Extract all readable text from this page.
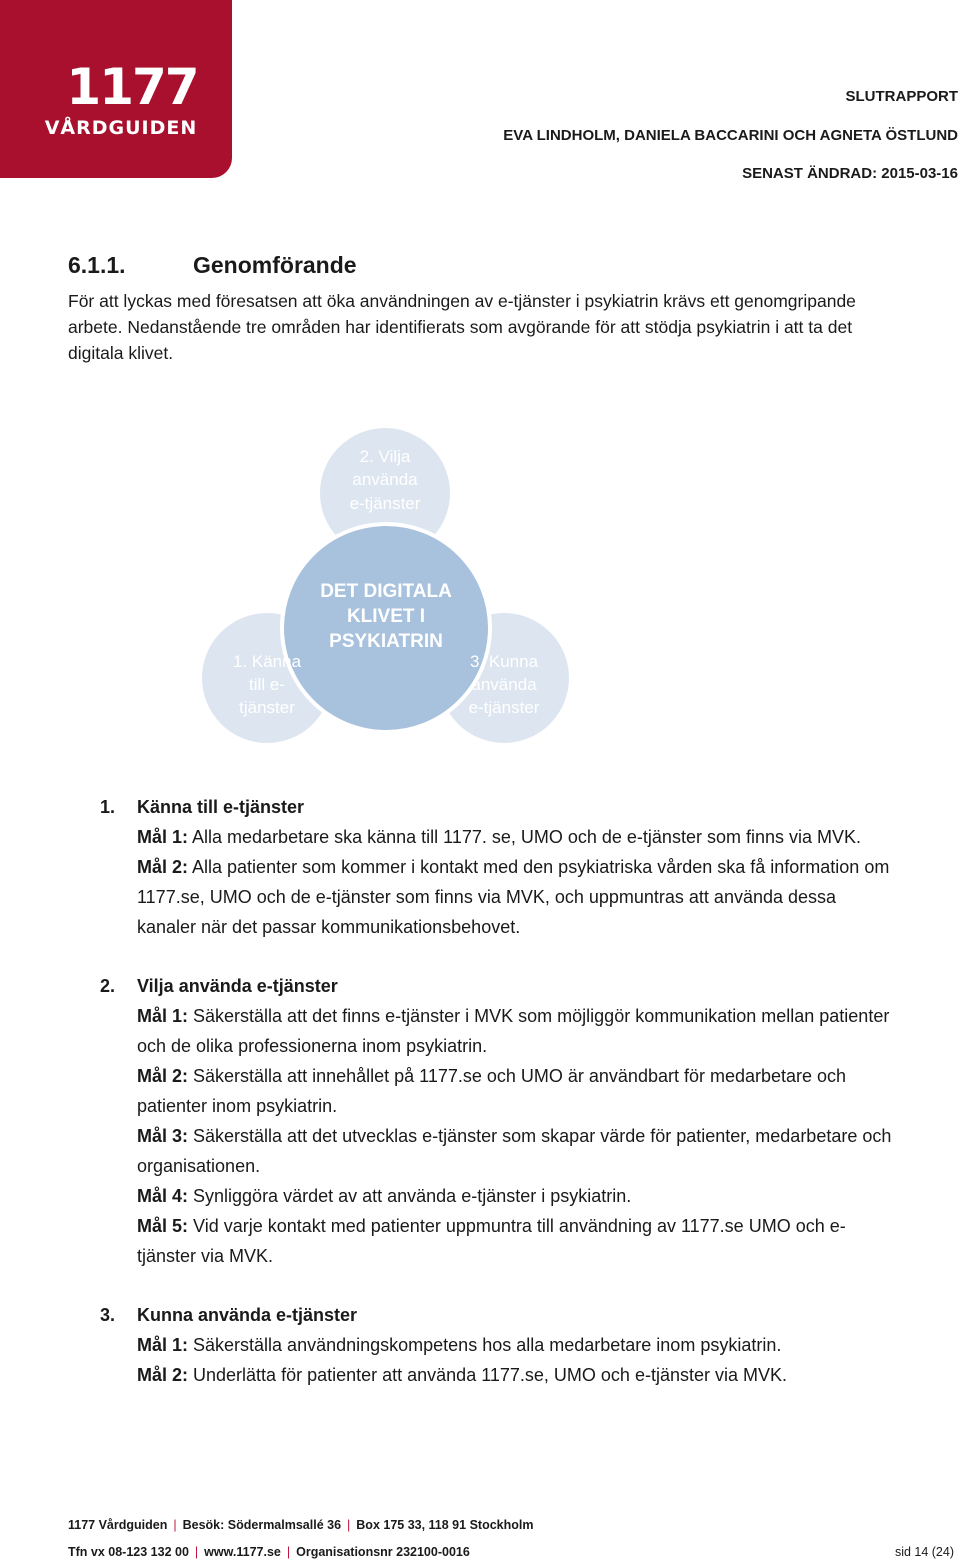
1177
VÅRDGUIDEN
SLUTRAPPORT
EVA LINDHOLM, DANIELA BACCARINI OCH AGNETA ÖSTLUND
SENAST ÄNDRAD: 2015-03-16
6.1.1.	Genomförande
För att lyckas med föresatsen att öka användningen av e-tjänster i psykiatrin krävs ett genomgripande arbete. Nedanstående tre områden har identifierats som avgörande för att stödja psykiatrin i att ta det digitala klivet.
DET DIGITALA
KLIVET I
PSYKIATRIN
2. Vilja
använda
e-tjänster
1. Känna
till e-
tjänster
3. Kunna
använda
e-tjänster
1.	Känna till e-tjänster
Mål 1: Alla medarbetare ska känna till 1177. se, UMO och de e-tjänster som finns via MVK.
Mål 2: Alla patienter som kommer i kontakt med den psykiatriska vården ska få information om 1177.se, UMO och de e-tjänster som finns via MVK, och uppmuntras att använda dessa kanaler när det passar kommunikationsbehovet.
2.	Vilja använda e-tjänster
Mål 1: Säkerställa att det finns e-tjänster i MVK som möjliggör kommunikation mellan patienter och de olika professionerna inom psykiatrin.
Mål 2: Säkerställa att innehållet på 1177.se och UMO är användbart för medarbetare och patienter inom psykiatrin.
Mål 3: Säkerställa att det utvecklas e-tjänster som skapar värde för patienter, medarbetare och organisationen.
Mål 4: Synliggöra värdet av att använda e-tjänster i psykiatrin.
Mål 5: Vid varje kontakt med patienter uppmuntra till användning av 1177.se UMO och e-tjänster via MVK.
3.	Kunna använda e-tjänster
Mål 1: Säkerställa användningskompetens hos alla medarbetare inom psykiatrin.
Mål 2: Underlätta för patienter att använda 1177.se, UMO och e-tjänster via MVK.
1177 Vårdguiden | Besök: Södermalmsallé 36 | Box 175 33, 118 91 Stockholm
Tfn vx 08-123 132 00 | www.1177.se | Organisationsnr 232100-0016	sid 14 (24)
